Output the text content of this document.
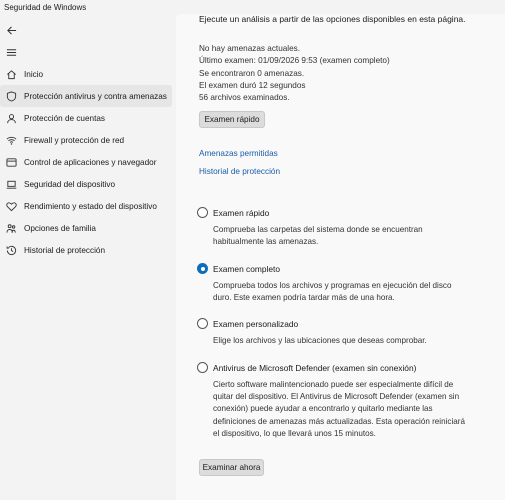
Seguridad de Windows
Inicio
Protección antivirus y contra amenazas
Protección de cuentas
Firewall y protección de red
Control de aplicaciones y navegador
Seguridad del dispositivo
Rendimiento y estado del dispositivo
Opciones de familia
Historial de protección
Ejecute un análisis a partir de las opciones disponibles en esta página.
No hay amenazas actuales.
Último examen: 01/09/2026 9:53 (examen completo)
Se encontraron 0 amenazas.
El examen duró 12 segundos
56 archivos examinados.
Examen rápido
Amenazas permitidas
Historial de protección
Examen rápido
Comprueba las carpetas del sistema donde se encuentran
habitualmente las amenazas.
Examen completo
Comprueba todos los archivos y programas en ejecución del disco
duro. Este examen podría tardar más de una hora.
Examen personalizado
Elige los archivos y las ubicaciones que deseas comprobar.
Antivirus de Microsoft Defender (examen sin conexión)
Cierto software malintencionado puede ser especialmente difícil de
quitar del dispositivo. El Antivirus de Microsoft Defender (examen sin
conexión) puede ayudar a encontrarlo y quitarlo mediante las
definiciones de amenazas más actualizadas. Esta operación reiniciará
el dispositivo, lo que llevará unos 15 minutos.
Examinar ahora
